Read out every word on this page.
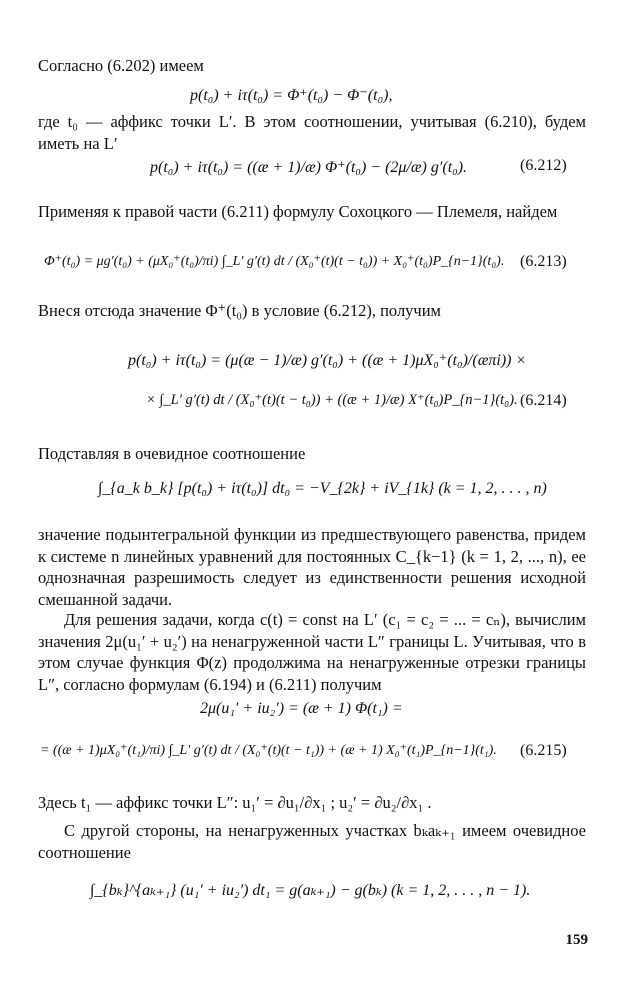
Согласно (6.202) имеем
p(t₀) + iτ(t₀) = Φ⁺(t₀) − Φ⁻(t₀),
где t₀ — аффикс точки L′. В этом соотношении, учитывая (6.210), будем иметь на L′
p(t₀) + iτ(t₀) = ((æ + 1)/æ) Φ⁺(t₀) − (2μ/æ) g′(t₀).	(6.212)
Применяя к правой части (6.211) формулу Сохоцкого — Племеля, найдем
Φ⁺(t₀) = μg′(t₀) + (μX₀⁺(t₀)/πi) ∫_L′ g′(t) dt / (X₀⁺(t)(t − t₀)) + X₀⁺(t₀)P_{n−1}(t₀). (6.213)
Внеся отсюда значение Φ⁺(t₀) в условие (6.212), получим
p(t₀) + iτ(t₀) = (μ(æ − 1)/æ) g′(t₀) + ((æ + 1)μX₀⁺(t₀)/(æπi)) ×
× ∫_L′ g′(t) dt / (X₀⁺(t)(t − t₀)) + ((æ + 1)/æ) X⁺(t₀)P_{n−1}(t₀). (6.214)
Подставляя в очевидное соотношение
∫_{a_k b_k} [p(t₀) + iτ(t₀)] dt₀ = −V_{2k} + iV_{1k} (k = 1, 2, . . . , n)
значение подынтегральной функции из предшествующего равенства, придем к системе n линейных уравнений для постоянных C_{k−1} (k = 1, 2, ..., n), ее однозначная разрешимость следует из единственности решения исходной смешанной задачи.
Для решения задачи, когда c(t) = const на L′ (c₁ = c₂ = ... = cₙ), вычислим значения 2μ(u₁′ + u₂′) на ненагруженной части L″ границы L. Учитывая, что в этом случае функция Φ(z) продолжима на ненагруженные отрезки границы L″, согласно формулам (6.194) и (6.211) получим
2μ(u₁′ + iu₂′) = (æ + 1) Φ(t₁) =
= ((æ + 1)μX₀⁺(t₁)/πi) ∫_L′ g′(t) dt / (X₀⁺(t)(t − t₁)) + (æ + 1) X₀⁺(t₁)P_{n−1}(t₁). (6.215)
Здесь t₁ — аффикс точки L″: u₁′ = ∂u₁/∂x₁ ; u₂′ = ∂u₂/∂x₁ .
С другой стороны, на ненагруженных участках bₖaₖ₊₁ имеем очевидное соотношение
∫_{bₖ}^{aₖ₊₁} (u₁′ + iu₂′) dt₁ = g(aₖ₊₁) − g(bₖ) (k = 1, 2, . . . , n − 1).
159
